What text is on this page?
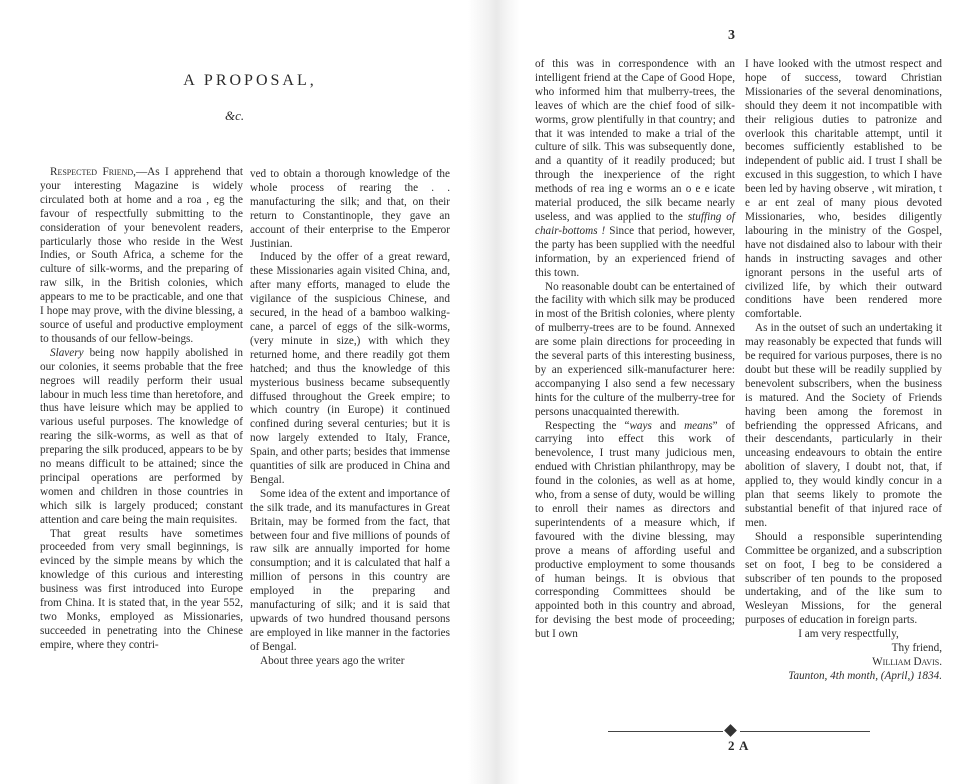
3
A PROPOSAL,
&c.

Respected Friend,—As I apprehend that your interesting Magazine is widely circulated both at home and a roa , eg the favour of respectfully submitting to the consideration of your benevolent readers, particularly those who reside in the West Indies, or South Africa, a scheme for the culture of silk-worms, and the preparing of raw silk, in the British colonies, which appears to me to be practicable, and one that I hope may prove, with the divine blessing, a source of useful and productive employment to thousands of our fellow-beings.

Slavery being now happily abolished in our colonies, it seems probable that the free negroes will readily perform their usual labour in much less time than heretofore, and thus have leisure which may be applied to various useful purposes. The knowledge of rearing the silk-worms, as well as that of preparing the silk produced, appears to be by no means difficult to be attained; since the principal operations are performed by women and children in those countries in which silk is largely produced; constant attention and care being the main requisites.

That great results have sometimes proceeded from very small beginnings, is evinced by the simple means by which the knowledge of this curious and interesting business was first introduced into Europe from China. It is stated that, in the year 552, two Monks, employed as Missionaries, succeeded in penetrating into the Chinese empire, where they contri-

ved to obtain a thorough knowledge of the whole process of rearing the . . manufacturing the silk; and that, on their return to Constantinople, they gave an account of their enterprise to the Emperor Justinian.

Induced by the offer of a great reward, these Missionaries again visited China, and, after many efforts, managed to elude the vigilance of the suspicious Chinese, and secured, in the head of a bamboo walking-cane, a parcel of eggs of the silk-worms, (very minute in size,) with which they returned home, and there readily got them hatched; and thus the knowledge of this mysterious business became subsequently diffused throughout the Greek empire; to which country (in Europe) it continued confined during several centuries; but it is now largely extended to Italy, France, Spain, and other parts; besides that immense quantities of silk are produced in China and Bengal.

Some idea of the extent and importance of the silk trade, and its manufactures in Great Britain, may be formed from the fact, that between four and five millions of pounds of raw silk are annually imported for home consumption; and it is calculated that half a million of persons in this country are employed in the preparing and manufacturing of silk; and it is said that upwards of two hundred thousand persons are employed in like manner in the factories of Bengal.

About three years ago the writer

of this was in correspondence with an intelligent friend at the Cape of Good Hope, who informed him that mulberry-trees, the leaves of which are the chief food of silk-worms, grow plentifully in that country; and that it was intended to make a trial of the culture of silk. This was subsequently done, and a quantity of it readily produced; but through the inexperience of the right methods of rea ing e worms an o e e icate material produced, the silk became nearly useless, and was applied to the stuffing of chair-bottoms ! Since that period, however, the party has been supplied with the needful information, by an experienced friend of this town.

No reasonable doubt can be entertained of the facility with which silk may be produced in most of the British colonies, where plenty of mulberry-trees are to be found. Annexed are some plain directions for proceeding in the several parts of this interesting business, by an experienced silk-manufacturer here: accompanying I also send a few necessary hints for the culture of the mulberry-tree for persons unacquainted therewith.

Respecting the “ways and means” of carrying into effect this work of benevolence, I trust many judicious men, endued with Christian philanthropy, may be found in the colonies, as well as at home, who, from a sense of duty, would be willing to enroll their names as directors and superintendents of a measure which, if favoured with the divine blessing, may prove a means of affording useful and productive employment to some thousands of human beings. It is obvious that corresponding Committees should be appointed both in this country and abroad, for devising the best mode of proceeding; but I own

I have looked with the utmost respect and hope of success, toward Christian Missionaries of the several denominations, should they deem it not incompatible with their religious duties to patronize and overlook this charitable attempt, until it becomes sufficiently established to be independent of public aid. I trust I shall be excused in this suggestion, to which I have been led by having observe , wit miration, t e ar ent zeal of many pious devoted Missionaries, who, besides diligently labouring in the ministry of the Gospel, have not disdained also to labour with their hands in instructing savages and other ignorant persons in the useful arts of civilized life, by which their outward conditions have been rendered more comfortable.

As in the outset of such an undertaking it may reasonably be expected that funds will be required for various purposes, there is no doubt but these will be readily supplied by benevolent subscribers, when the business is matured. And the Society of Friends having been among the foremost in befriending the oppressed Africans, and their descendants, particularly in their unceasing endeavours to obtain the entire abolition of slavery, I doubt not, that, if applied to, they would kindly concur in a plan that seems likely to promote the substantial benefit of that injured race of men.

Should a responsible superintending Committee be organized, and a subscription set on foot, I beg to be considered a subscriber of ten pounds to the proposed undertaking, and of the like sum to Wesleyan Missions, for the general purposes of education in foreign parts.

I am very respectfully,

Thy friend,

William Davis.

Taunton, 4th month, (April,) 1834.

2 A
